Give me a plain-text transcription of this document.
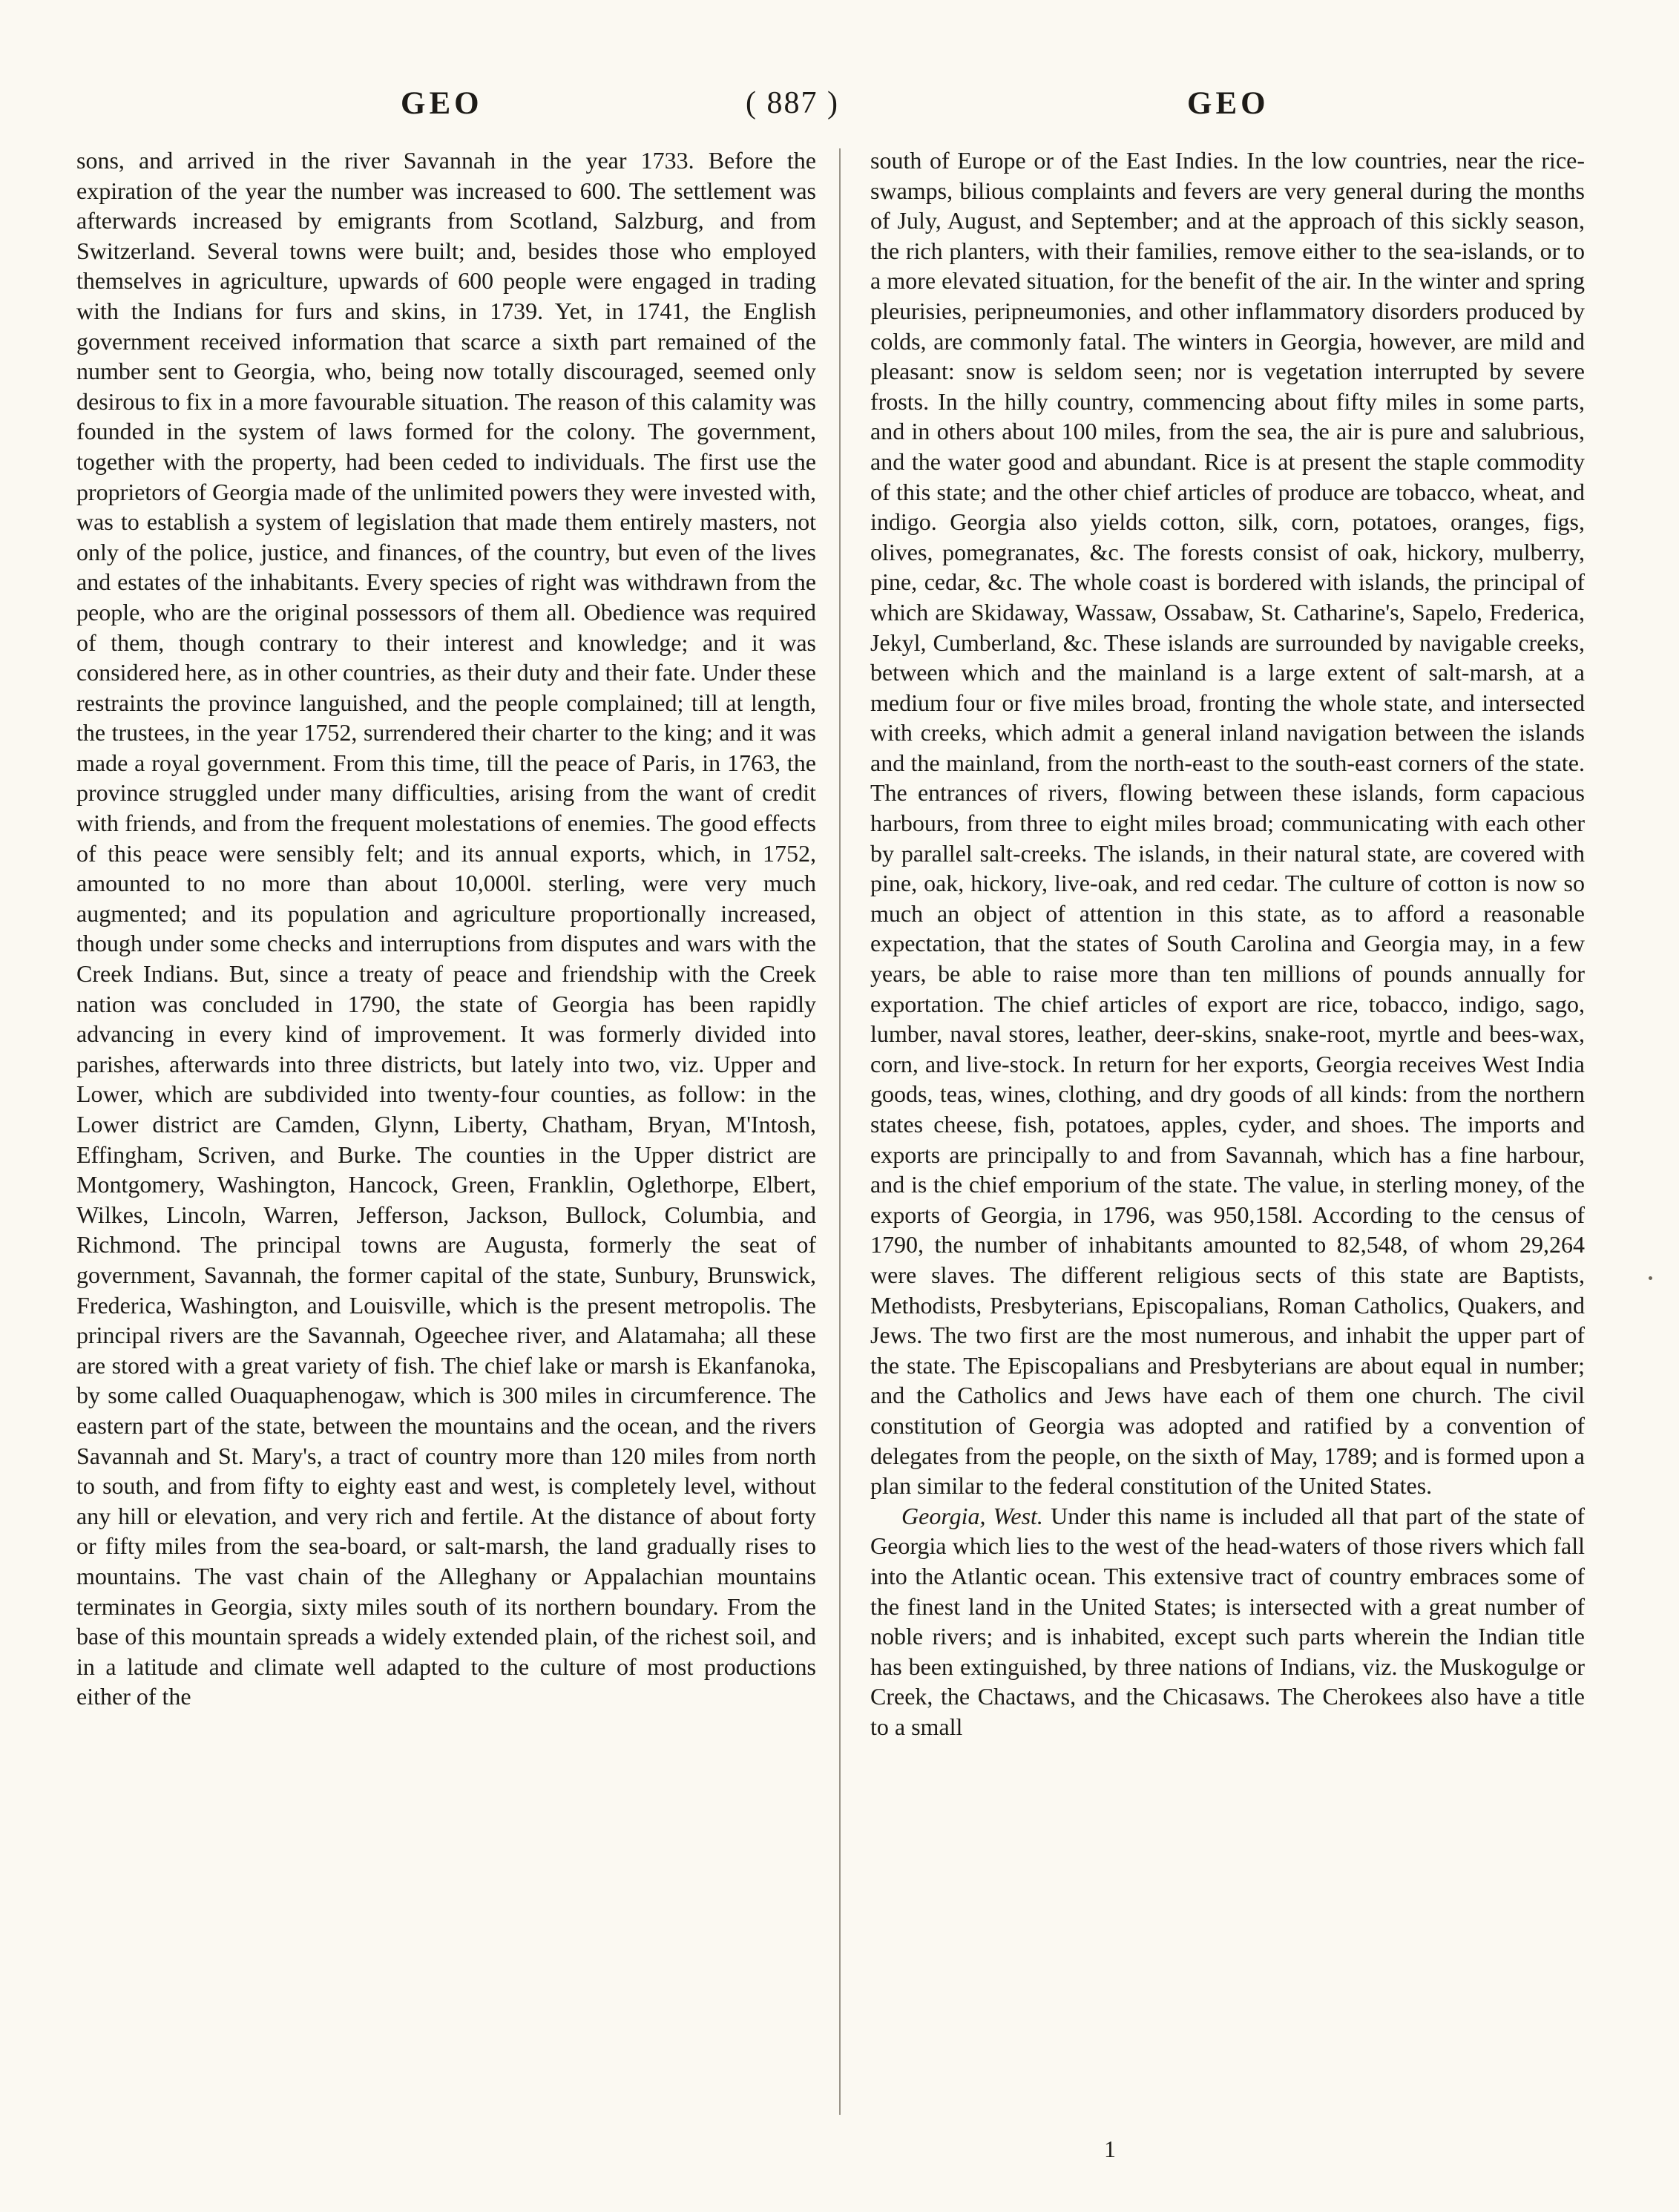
GEO	( 887 )	GEO

sons, and arrived in the river Savannah in the year 1733. Before the expiration of the year the number was increased to 600. The settlement was afterwards increased by emigrants from Scotland, Salzburg, and from Switzerland. Several towns were built; and, besides those who employed themselves in agriculture, upwards of 600 people were engaged in trading with the Indians for furs and skins, in 1739. Yet, in 1741, the English government received information that scarce a sixth part remained of the number sent to Georgia, who, being now totally discouraged, seemed only desirous to fix in a more favourable situation. The reason of this calamity was founded in the system of laws formed for the colony. The government, together with the property, had been ceded to individuals. The first use the proprietors of Georgia made of the unlimited powers they were invested with, was to establish a system of legislation that made them entirely masters, not only of the police, justice, and finances, of the country, but even of the lives and estates of the inhabitants. Every species of right was withdrawn from the people, who are the original possessors of them all. Obedience was required of them, though contrary to their interest and knowledge; and it was considered here, as in other countries, as their duty and their fate. Under these restraints the province languished, and the people complained; till at length, the trustees, in the year 1752, surrendered their charter to the king; and it was made a royal government. From this time, till the peace of Paris, in 1763, the province struggled under many difficulties, arising from the want of credit with friends, and from the frequent molestations of enemies. The good effects of this peace were sensibly felt; and its annual exports, which, in 1752, amounted to no more than about 10,000l. sterling, were very much augmented; and its population and agriculture proportionally increased, though under some checks and interruptions from disputes and wars with the Creek Indians. But, since a treaty of peace and friendship with the Creek nation was concluded in 1790, the state of Georgia has been rapidly advancing in every kind of improvement. It was formerly divided into parishes, afterwards into three districts, but lately into two, viz. Upper and Lower, which are subdivided into twenty-four counties, as follow: in the Lower district are Camden, Glynn, Liberty, Chatham, Bryan, M'Intosh, Effingham, Scriven, and Burke. The counties in the Upper district are Montgomery, Washington, Hancock, Green, Franklin, Oglethorpe, Elbert, Wilkes, Lincoln, Warren, Jefferson, Jackson, Bullock, Columbia, and Richmond. The principal towns are Augusta, formerly the seat of government, Savannah, the former capital of the state, Sunbury, Brunswick, Frederica, Washington, and Louisville, which is the present metropolis. The principal rivers are the Savannah, Ogeechee river, and Alatamaha; all these are stored with a great variety of fish. The chief lake or marsh is Ekanfanoka, by some called Ouaquaphenogaw, which is 300 miles in circumference. The eastern part of the state, between the mountains and the ocean, and the rivers Savannah and St. Mary's, a tract of country more than 120 miles from north to south, and from fifty to eighty east and west, is completely level, without any hill or elevation, and very rich and fertile. At the distance of about forty or fifty miles from the sea-board, or salt-marsh, the land gradually rises to mountains. The vast chain of the Alleghany or Appalachian mountains terminates in Georgia, sixty miles south of its northern boundary. From the base of this mountain spreads a widely extended plain, of the richest soil, and in a latitude and climate well adapted to the culture of most productions either of the

south of Europe or of the East Indies. In the low countries, near the rice-swamps, bilious complaints and fevers are very general during the months of July, August, and September; and at the approach of this sickly season, the rich planters, with their families, remove either to the sea-islands, or to a more elevated situation, for the benefit of the air. In the winter and spring pleurisies, peripneumonies, and other inflammatory disorders produced by colds, are commonly fatal. The winters in Georgia, however, are mild and pleasant: snow is seldom seen; nor is vegetation interrupted by severe frosts. In the hilly country, commencing about fifty miles in some parts, and in others about 100 miles, from the sea, the air is pure and salubrious, and the water good and abundant. Rice is at present the staple commodity of this state; and the other chief articles of produce are tobacco, wheat, and indigo. Georgia also yields cotton, silk, corn, potatoes, oranges, figs, olives, pomegranates, &c. The forests consist of oak, hickory, mulberry, pine, cedar, &c. The whole coast is bordered with islands, the principal of which are Skidaway, Wassaw, Ossabaw, St. Catharine's, Sapelo, Frederica, Jekyl, Cumberland, &c. These islands are surrounded by navigable creeks, between which and the mainland is a large extent of salt-marsh, at a medium four or five miles broad, fronting the whole state, and intersected with creeks, which admit a general inland navigation between the islands and the mainland, from the north-east to the south-east corners of the state. The entrances of rivers, flowing between these islands, form capacious harbours, from three to eight miles broad; communicating with each other by parallel salt-creeks. The islands, in their natural state, are covered with pine, oak, hickory, live-oak, and red cedar. The culture of cotton is now so much an object of attention in this state, as to afford a reasonable expectation, that the states of South Carolina and Georgia may, in a few years, be able to raise more than ten millions of pounds annually for exportation. The chief articles of export are rice, tobacco, indigo, sago, lumber, naval stores, leather, deer-skins, snake-root, myrtle and bees-wax, corn, and live-stock. In return for her exports, Georgia receives West India goods, teas, wines, clothing, and dry goods of all kinds: from the northern states cheese, fish, potatoes, apples, cyder, and shoes. The imports and exports are principally to and from Savannah, which has a fine harbour, and is the chief emporium of the state. The value, in sterling money, of the exports of Georgia, in 1796, was 950,158l. According to the census of 1790, the number of inhabitants amounted to 82,548, of whom 29,264 were slaves. The different religious sects of this state are Baptists, Methodists, Presbyterians, Episcopalians, Roman Catholics, Quakers, and Jews. The two first are the most numerous, and inhabit the upper part of the state. The Episcopalians and Presbyterians are about equal in number; and the Catholics and Jews have each of them one church. The civil constitution of Georgia was adopted and ratified by a convention of delegates from the people, on the sixth of May, 1789; and is formed upon a plan similar to the federal constitution of the United States.

Georgia, West. Under this name is included all that part of the state of Georgia which lies to the west of the head-waters of those rivers which fall into the Atlantic ocean. This extensive tract of country embraces some of the finest land in the United States; is intersected with a great number of noble rivers; and is inhabited, except such parts wherein the Indian title has been extinguished, by three nations of Indians, viz. the Muskogulge or Creek, the Chactaws, and the Chicasaws. The Cherokees also have a title to a small

1
